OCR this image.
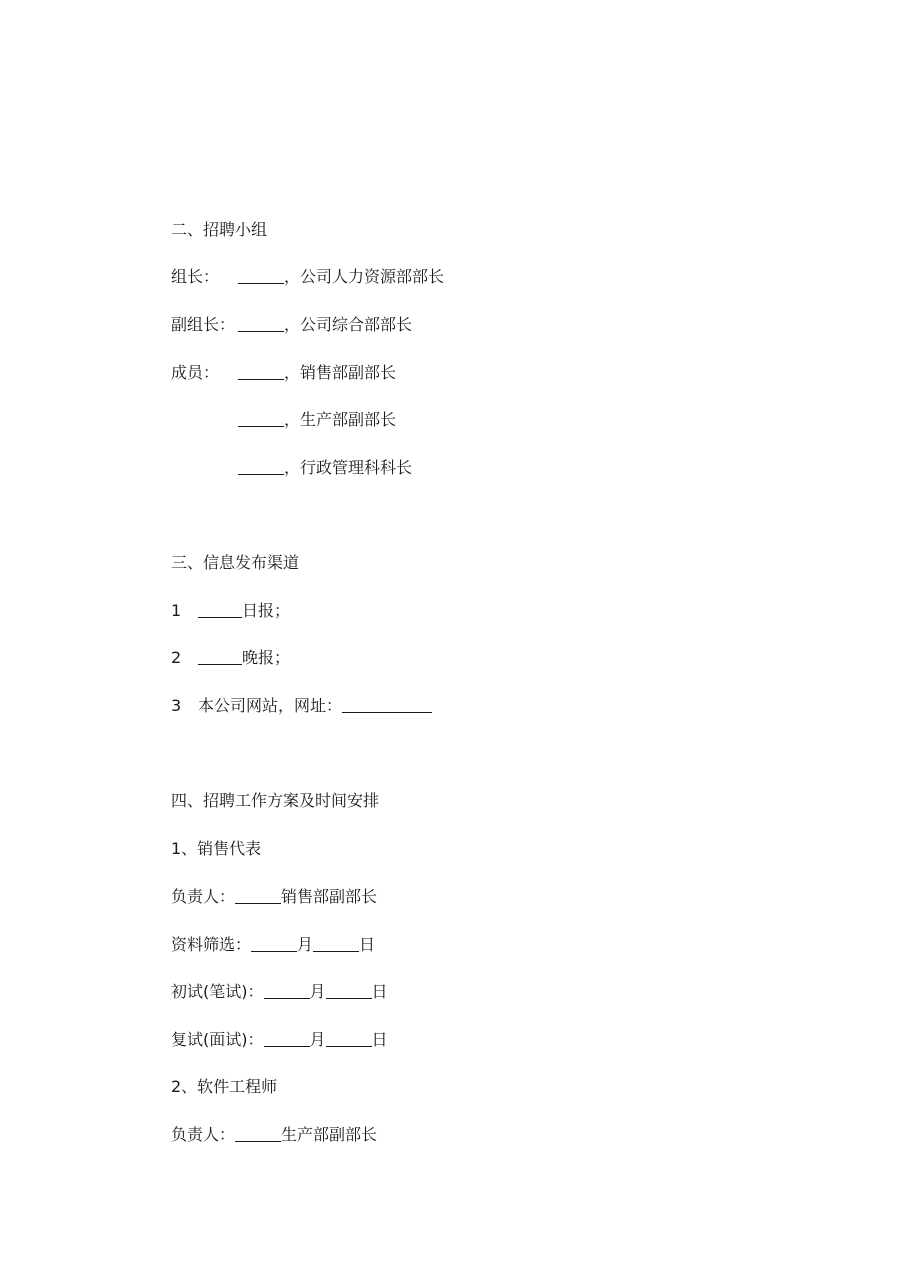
二、招聘小组
组长：	，公司人力资源部部长
副组长：	，公司综合部部长
成员：	，销售部副部长
，生产部副部长
，行政管理科科长
三、信息发布渠道
1	日报；
2	晚报；
3 本公司网站，网址：
四、招聘工作方案及时间安排
1、销售代表
负责人：	销售部副部长
资料筛选：	月	日
初试(笔试)：	月	日
复试(面试)：	月	日
2、软件工程师
负责人：	生产部副部长
